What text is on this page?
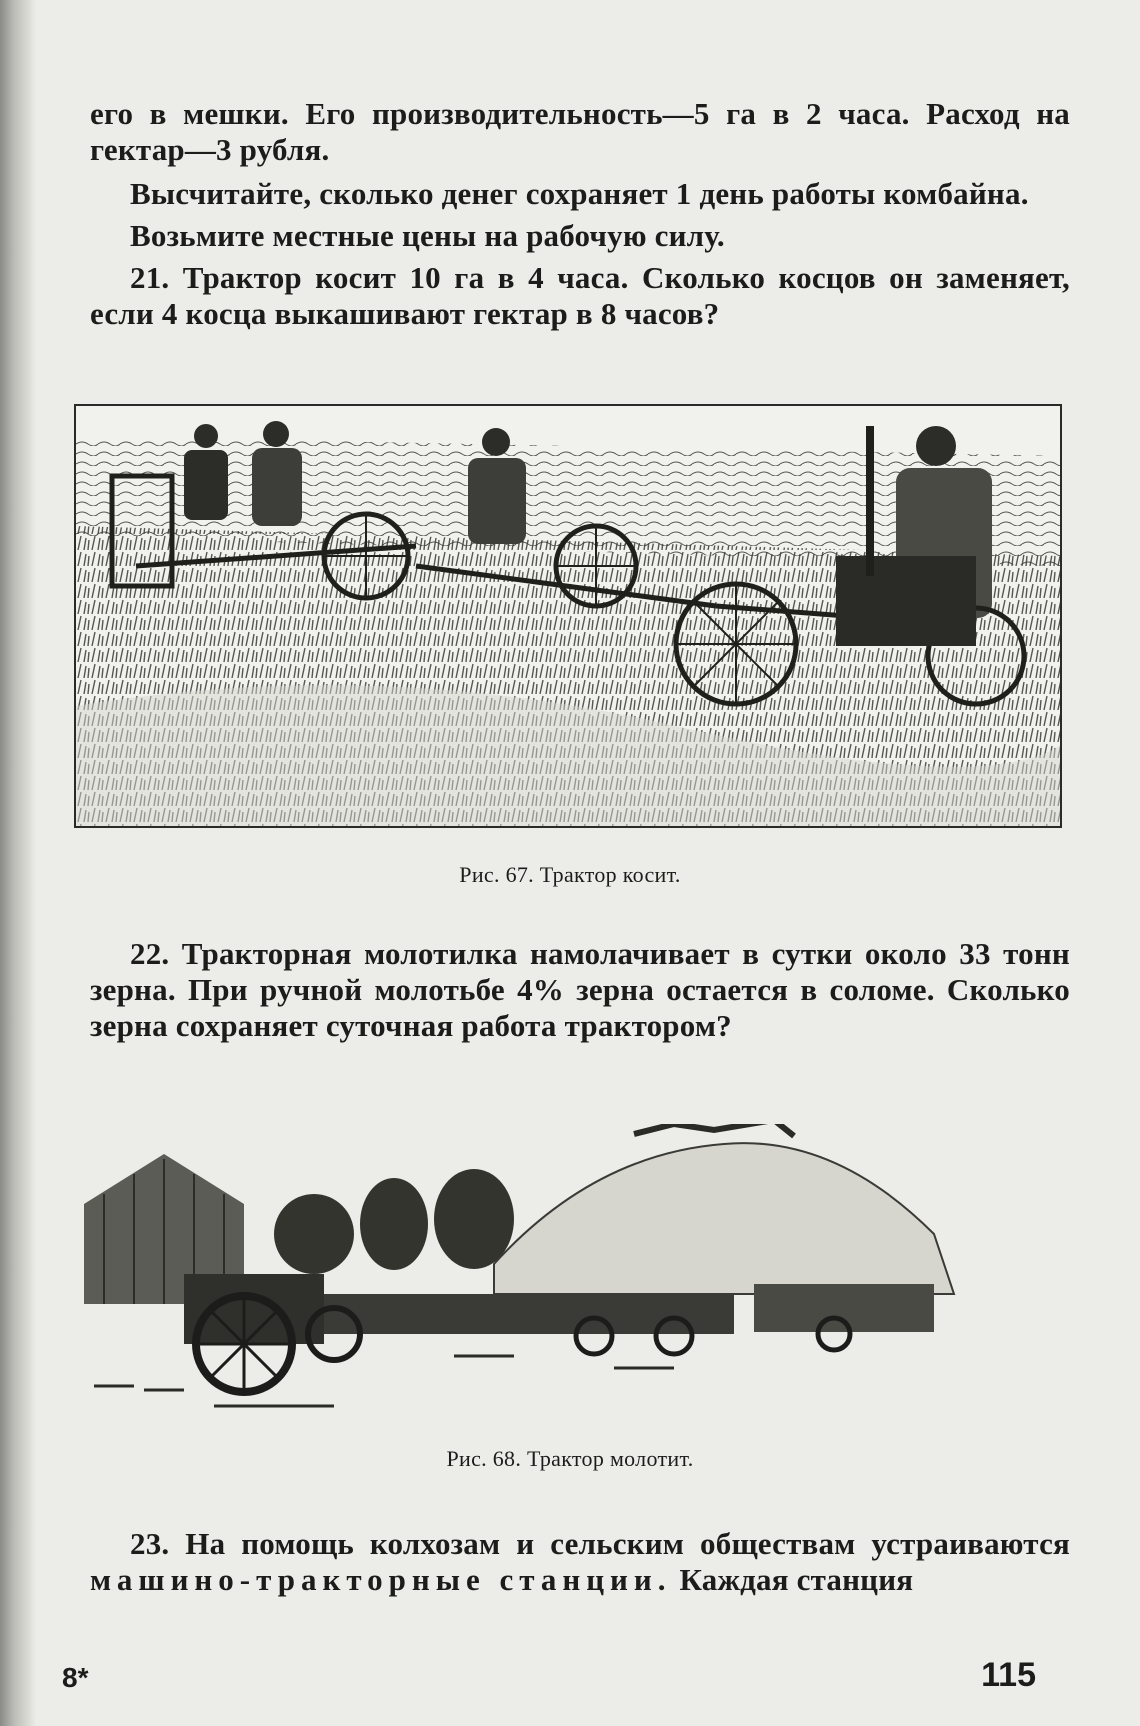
его в мешки. Его производительность—5 га в 2 часа. Расход на гектар—3 рубля.

Высчитайте, сколько денег сохраняет 1 день работы комбайна.

Возьмите местные цены на рабочую силу.

21. Трактор косит 10 га в 4 часа. Сколько косцов он заменяет, если 4 косца выкашивают гектар в 8 часов?

Рис. 67. Трактор косит.

22. Тракторная молотилка намолачивает в сутки около 33 тонн зерна. При ручной молотьбе 4% зерна остается в соломе. Сколько зерна сохраняет суточная работа трактором?

Рис. 68. Трактор молотит.

23. На помощь колхозам и сельским обществам устраиваются машино-тракторные станции. Каждая станция

8*	115
